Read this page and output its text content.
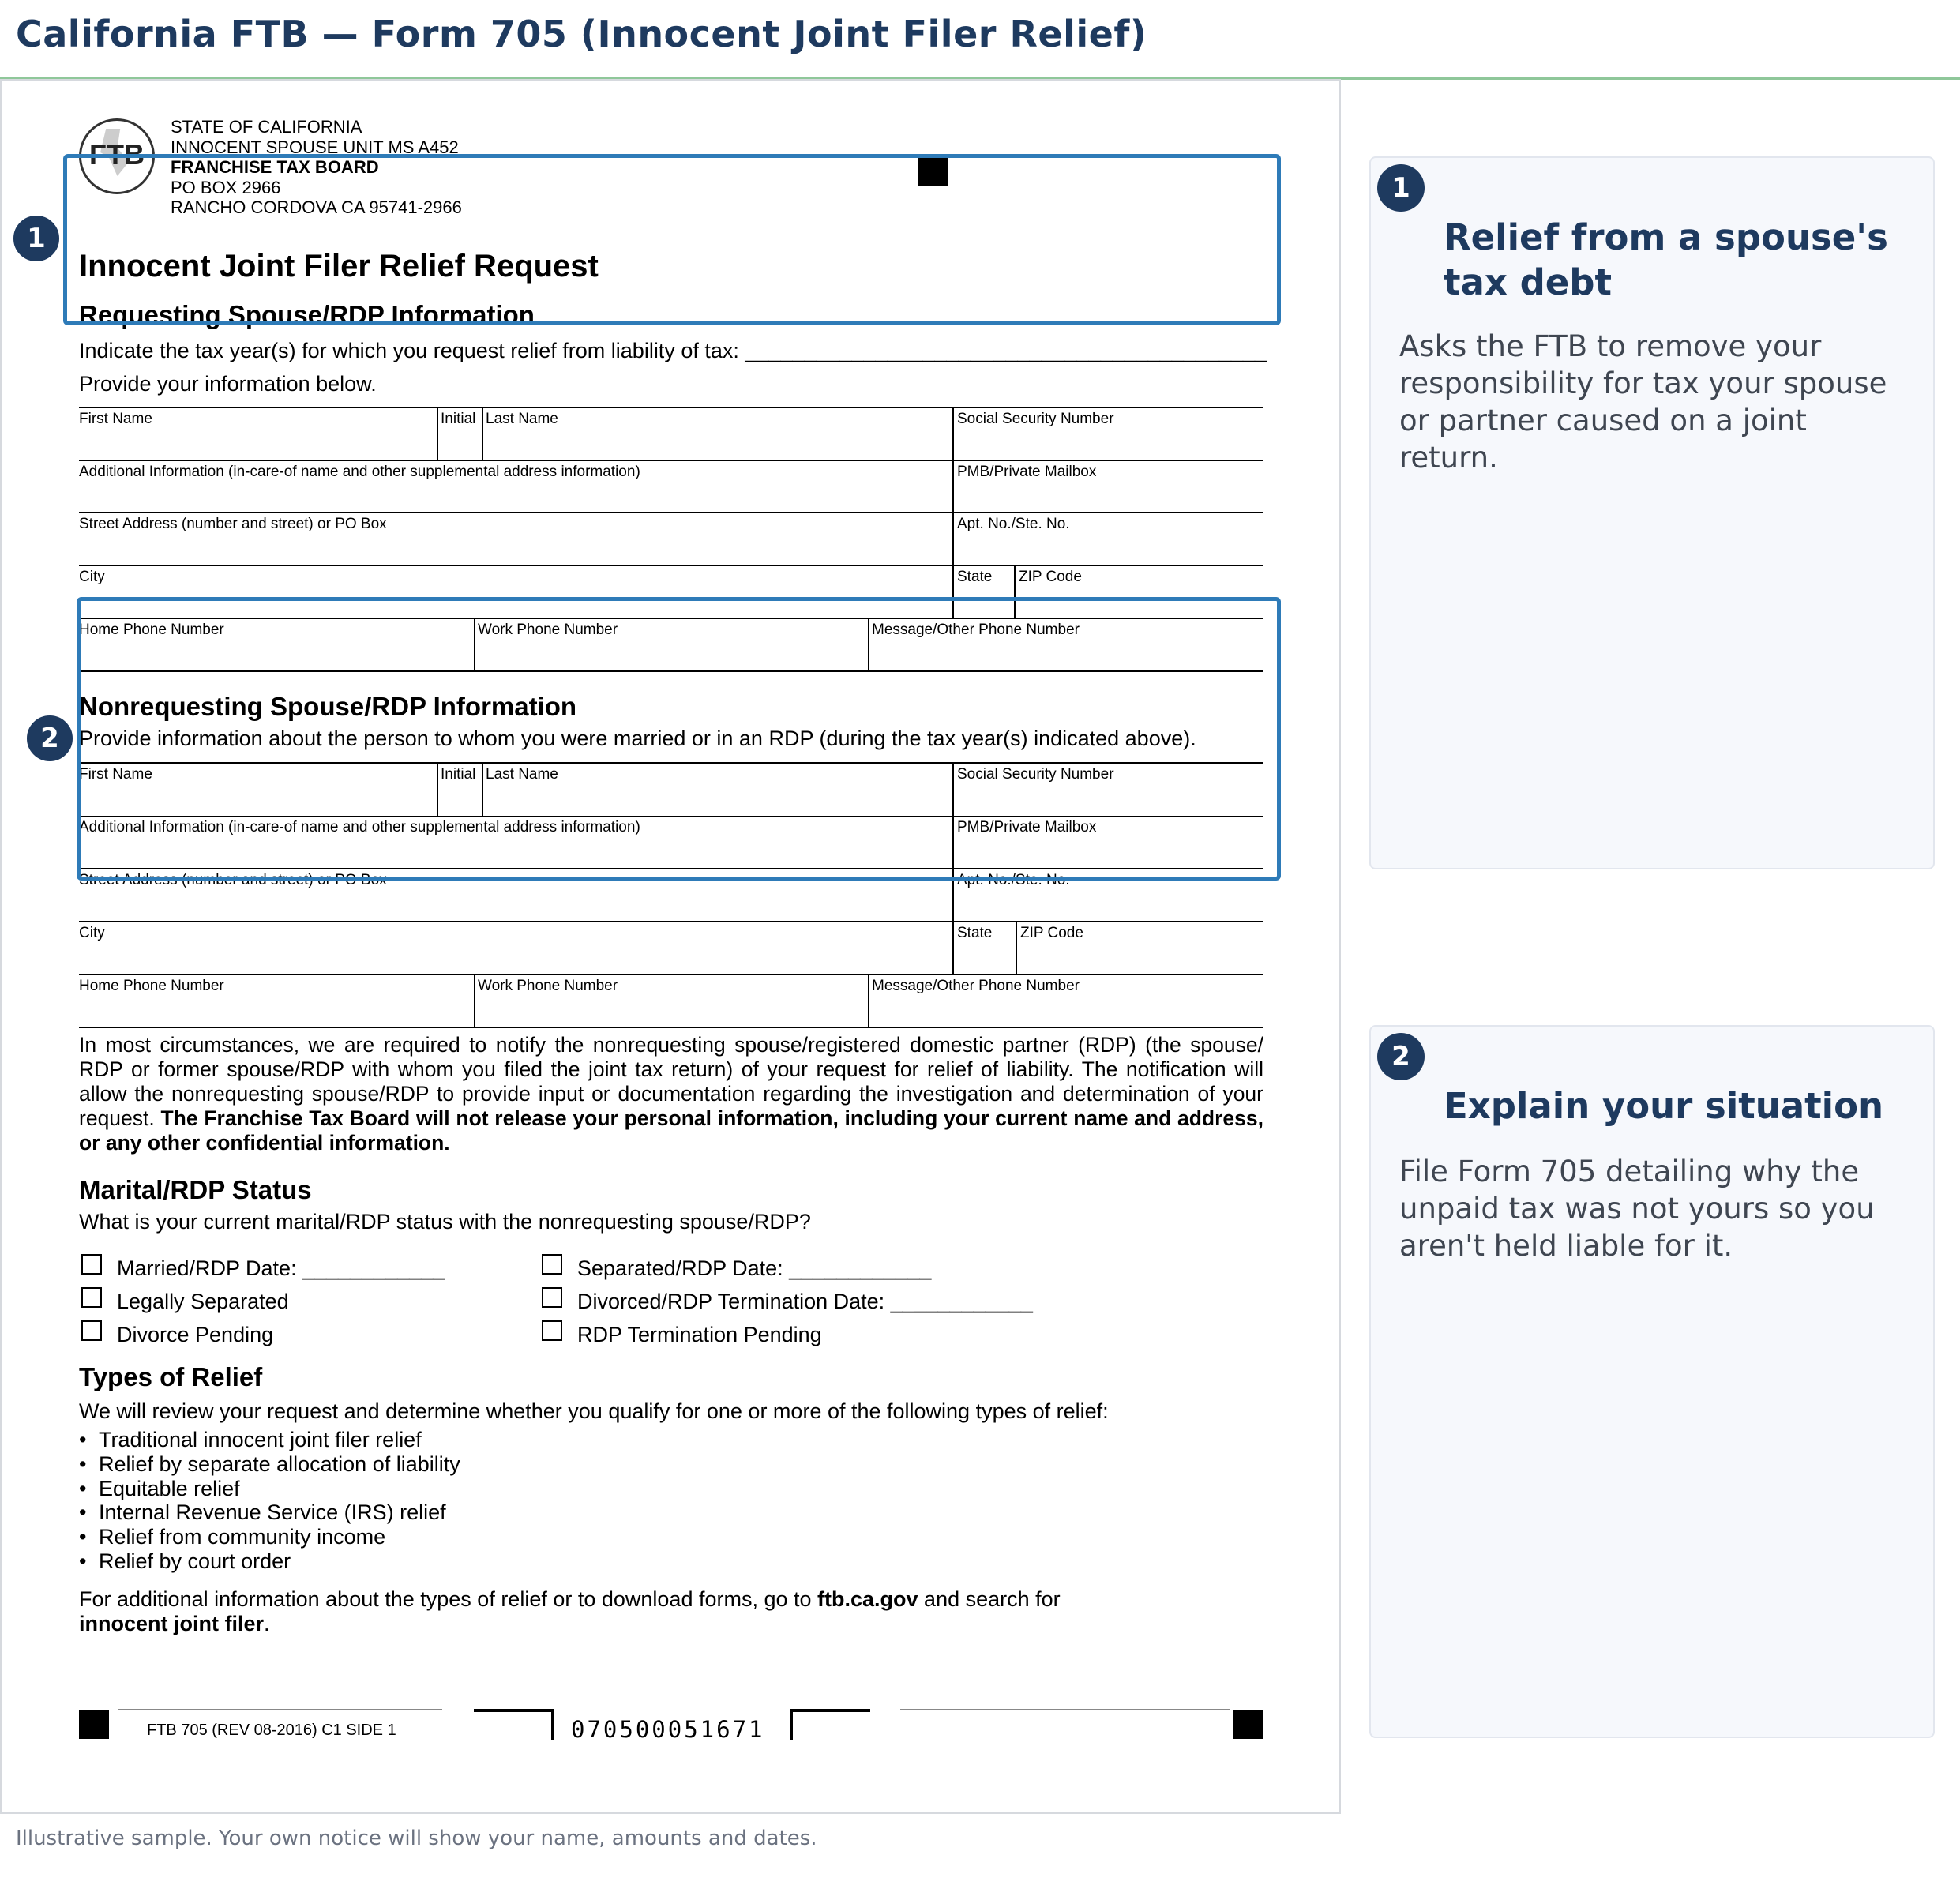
California FTB — Form 705 (Innocent Joint Filer Relief)
FTB
STATE OF CALIFORNIA
INNOCENT SPOUSE UNIT MS A452
FRANCHISE TAX BOARD
PO BOX 2966
RANCHO CORDOVA CA 95741-2966
Innocent Joint Filer Relief Request
Requesting Spouse/RDP Information
Indicate the tax year(s) for which you request relief from liability of tax: ____________________________________________
Provide your information below.
First Name	Initial Last Name	Social Security Number
Additional Information (in-care-of name and other supplemental address information)	PMB/Private Mailbox
Street Address (number and street) or PO Box	Apt. No./Ste. No.
City	State ZIP Code
Home Phone Number	Work Phone Number	Message/Other Phone Number
Nonrequesting Spouse/RDP Information
Provide information about the person to whom you were married or in an RDP (during the tax year(s) indicated above).
First Name	Initial Last Name	Social Security Number
Additional Information (in-care-of name and other supplemental address information)	PMB/Private Mailbox
Street Address (number and street) or PO Box	Apt. No./Ste. No.
City	State ZIP Code
Home Phone Number	Work Phone Number	Message/Other Phone Number
In most circumstances, we are required to notify the nonrequesting spouse/registered domestic partner (RDP) (the spouse/ RDP or former spouse/RDP with whom you filed the joint tax return) of your request for relief of liability. The notification will allow the nonrequesting spouse/RDP to provide input or documentation regarding the investigation and determination of your request. The Franchise Tax Board will not release your personal information, including your current name and address, or any other confidential information.
Marital/RDP Status
What is your current marital/RDP status with the nonrequesting spouse/RDP?
Married/RDP Date: ____________
Legally Separated
Divorce Pending
Separated/RDP Date: ____________
Divorced/RDP Termination Date: ____________
RDP Termination Pending
Types of Relief
We will review your request and determine whether you qualify for one or more of the following types of relief:
• Traditional innocent joint filer relief
• Relief by separate allocation of liability
• Equitable relief
• Internal Revenue Service (IRS) relief
• Relief from community income
• Relief by court order
For additional information about the types of relief or to download forms, go to ftb.ca.gov and search for
innocent joint filer.
FTB 705 (REV 08-2016) C1 SIDE 1	070500051671
1
2
1
Relief from a spouse's tax debt
Asks the FTB to remove your responsibility for tax your spouse or partner caused on a joint return.
2
Explain your situation
File Form 705 detailing why the unpaid tax was not yours so you aren't held liable for it.
Illustrative sample. Your own notice will show your name, amounts and dates.
